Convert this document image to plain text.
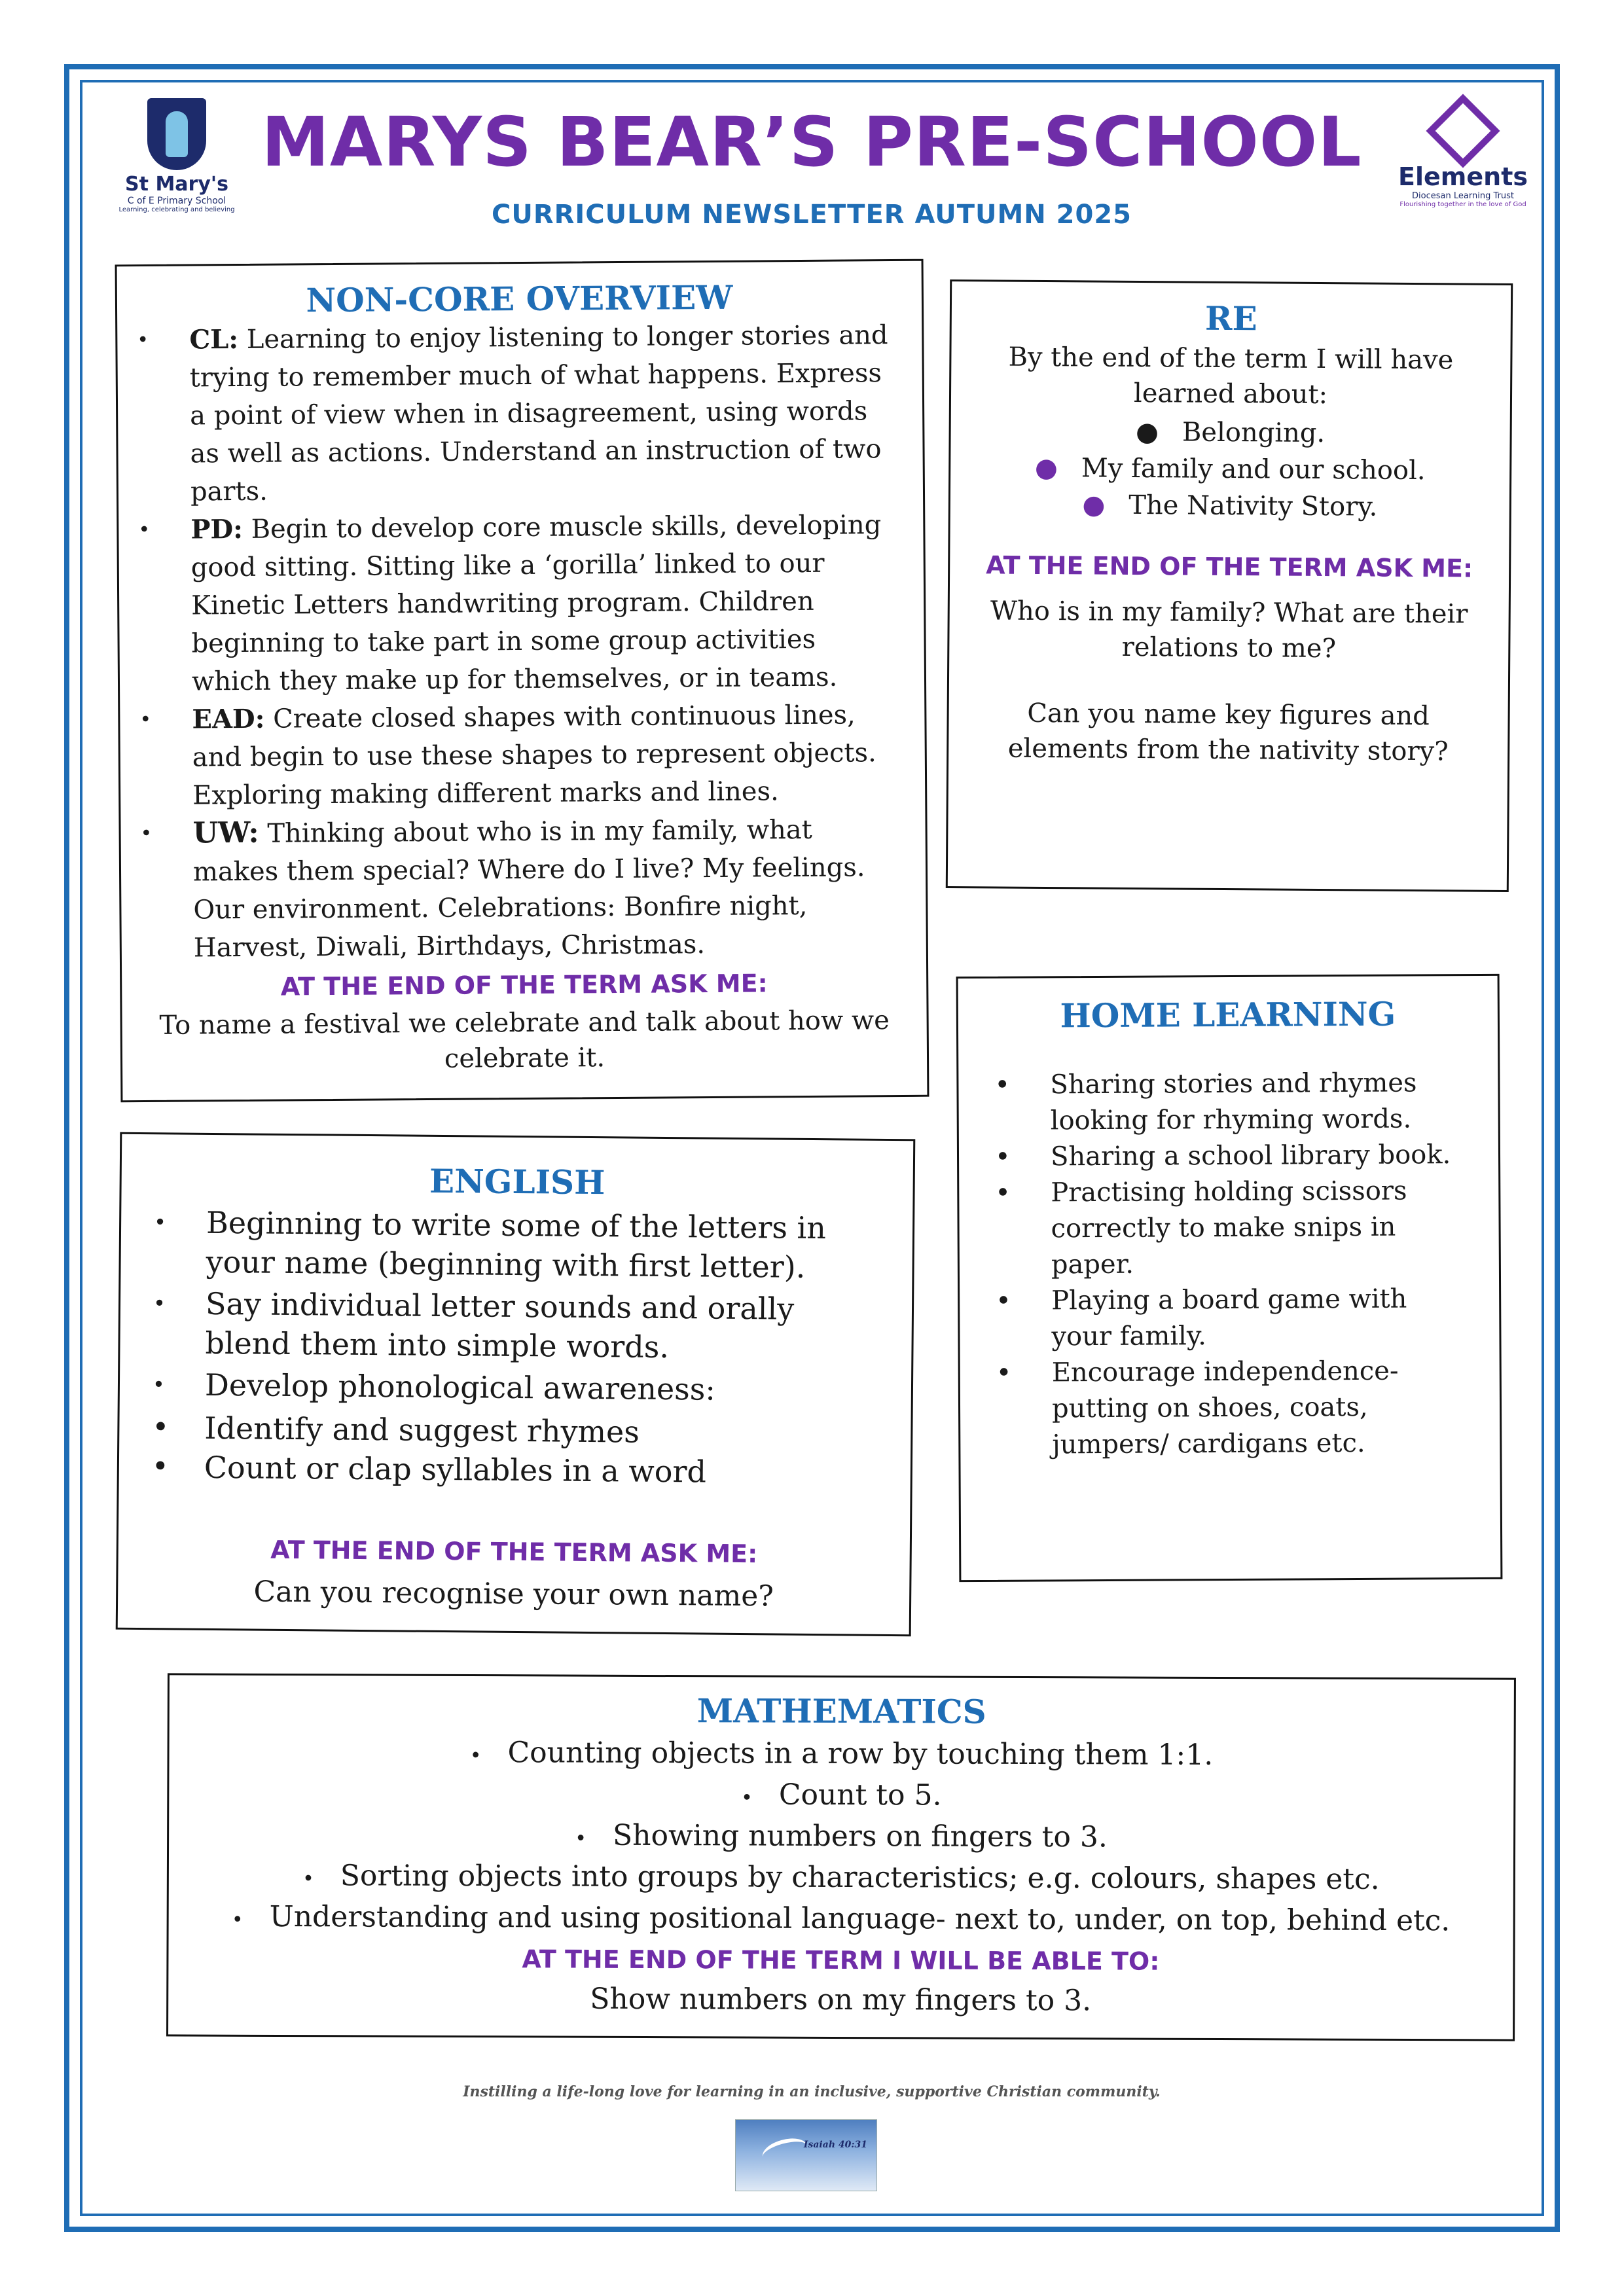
St Mary's
C of E Primary School
Learning, celebrating and believing
MARYS BEAR’S PRE-SCHOOL
CURRICULUM NEWSLETTER AUTUMN 2025
Elements
Diocesan Learning Trust
Flourishing together in the love of God
NON-CORE OVERVIEW
• CL: Learning to enjoy listening to longer stories and trying to remember much of what happens. Express a point of view when in disagreement, using words as well as actions. Understand an instruction of two parts.
• PD: Begin to develop core muscle skills, developing good sitting. Sitting like a ‘gorilla’ linked to our Kinetic Letters handwriting program. Children beginning to take part in some group activities which they make up for themselves, or in teams.
• EAD: Create closed shapes with continuous lines, and begin to use these shapes to represent objects. Exploring making different marks and lines.
• UW: Thinking about who is in my family, what makes them special? Where do I live? My feelings. Our environment. Celebrations: Bonfire night, Harvest, Diwali, Birthdays, Christmas.
AT THE END OF THE TERM ASK ME:
To name a festival we celebrate and talk about how we celebrate it.
ENGLISH
• Beginning to write some of the letters in your name (beginning with first letter).
• Say individual letter sounds and orally blend them into simple words.
• Develop phonological awareness:
• Identify and suggest rhymes
• Count or clap syllables in a word
AT THE END OF THE TERM ASK ME:
Can you recognise your own name?
RE
By the end of the term I will have learned about:
● Belonging.
● My family and our school.
● The Nativity Story.
AT THE END OF THE TERM ASK ME:
Who is in my family? What are their relations to me?
Can you name key figures and elements from the nativity story?
HOME LEARNING
• Sharing stories and rhymes looking for rhyming words.
• Sharing a school library book.
• Practising holding scissors correctly to make snips in paper.
• Playing a board game with your family.
• Encourage independence- putting on shoes, coats, jumpers/ cardigans etc.
MATHEMATICS
• Counting objects in a row by touching them 1:1.
• Count to 5.
• Showing numbers on fingers to 3.
• Sorting objects into groups by characteristics; e.g. colours, shapes etc.
• Understanding and using positional language- next to, under, on top, behind etc.
AT THE END OF THE TERM I WILL BE ABLE TO:
Show numbers on my fingers to 3.
Instilling a life-long love for learning in an inclusive, supportive Christian community.
Isaiah 40:31
